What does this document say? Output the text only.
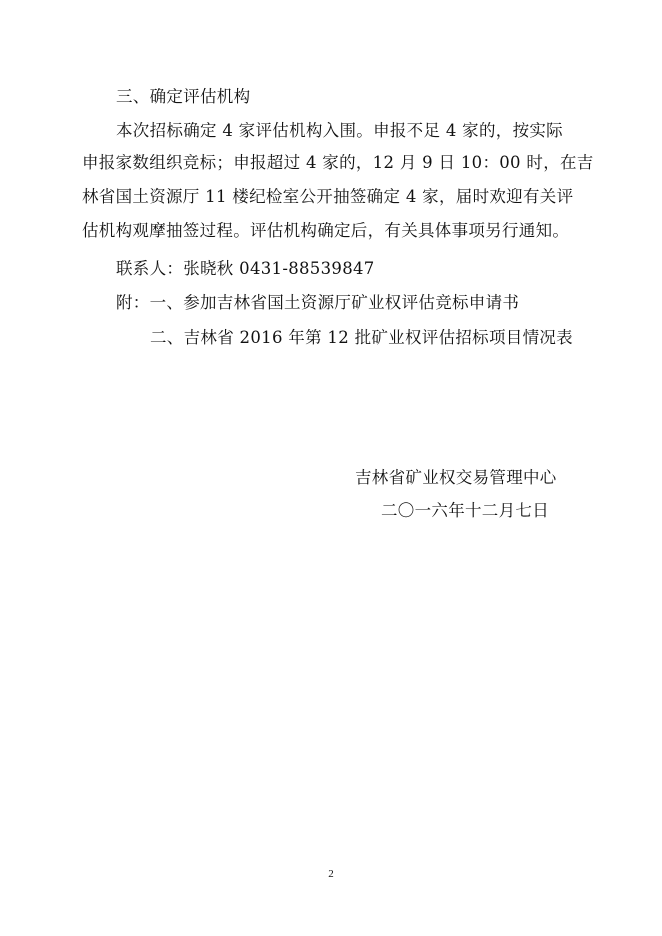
三、确定评估机构
本次招标确定 4 家评估机构入围。申报不足 4 家的，按实际
申报家数组织竞标；申报超过 4 家的，12 月 9 日 10：00 时，在吉
林省国土资源厅 11 楼纪检室公开抽签确定 4 家，届时欢迎有关评
估机构观摩抽签过程。评估机构确定后，有关具体事项另行通知。
联系人：张晓秋 0431-88539847
附：一、参加吉林省国土资源厅矿业权评估竞标申请书
二、吉林省 2016 年第 12 批矿业权评估招标项目情况表
吉林省矿业权交易管理中心
二〇一六年十二月七日
2
